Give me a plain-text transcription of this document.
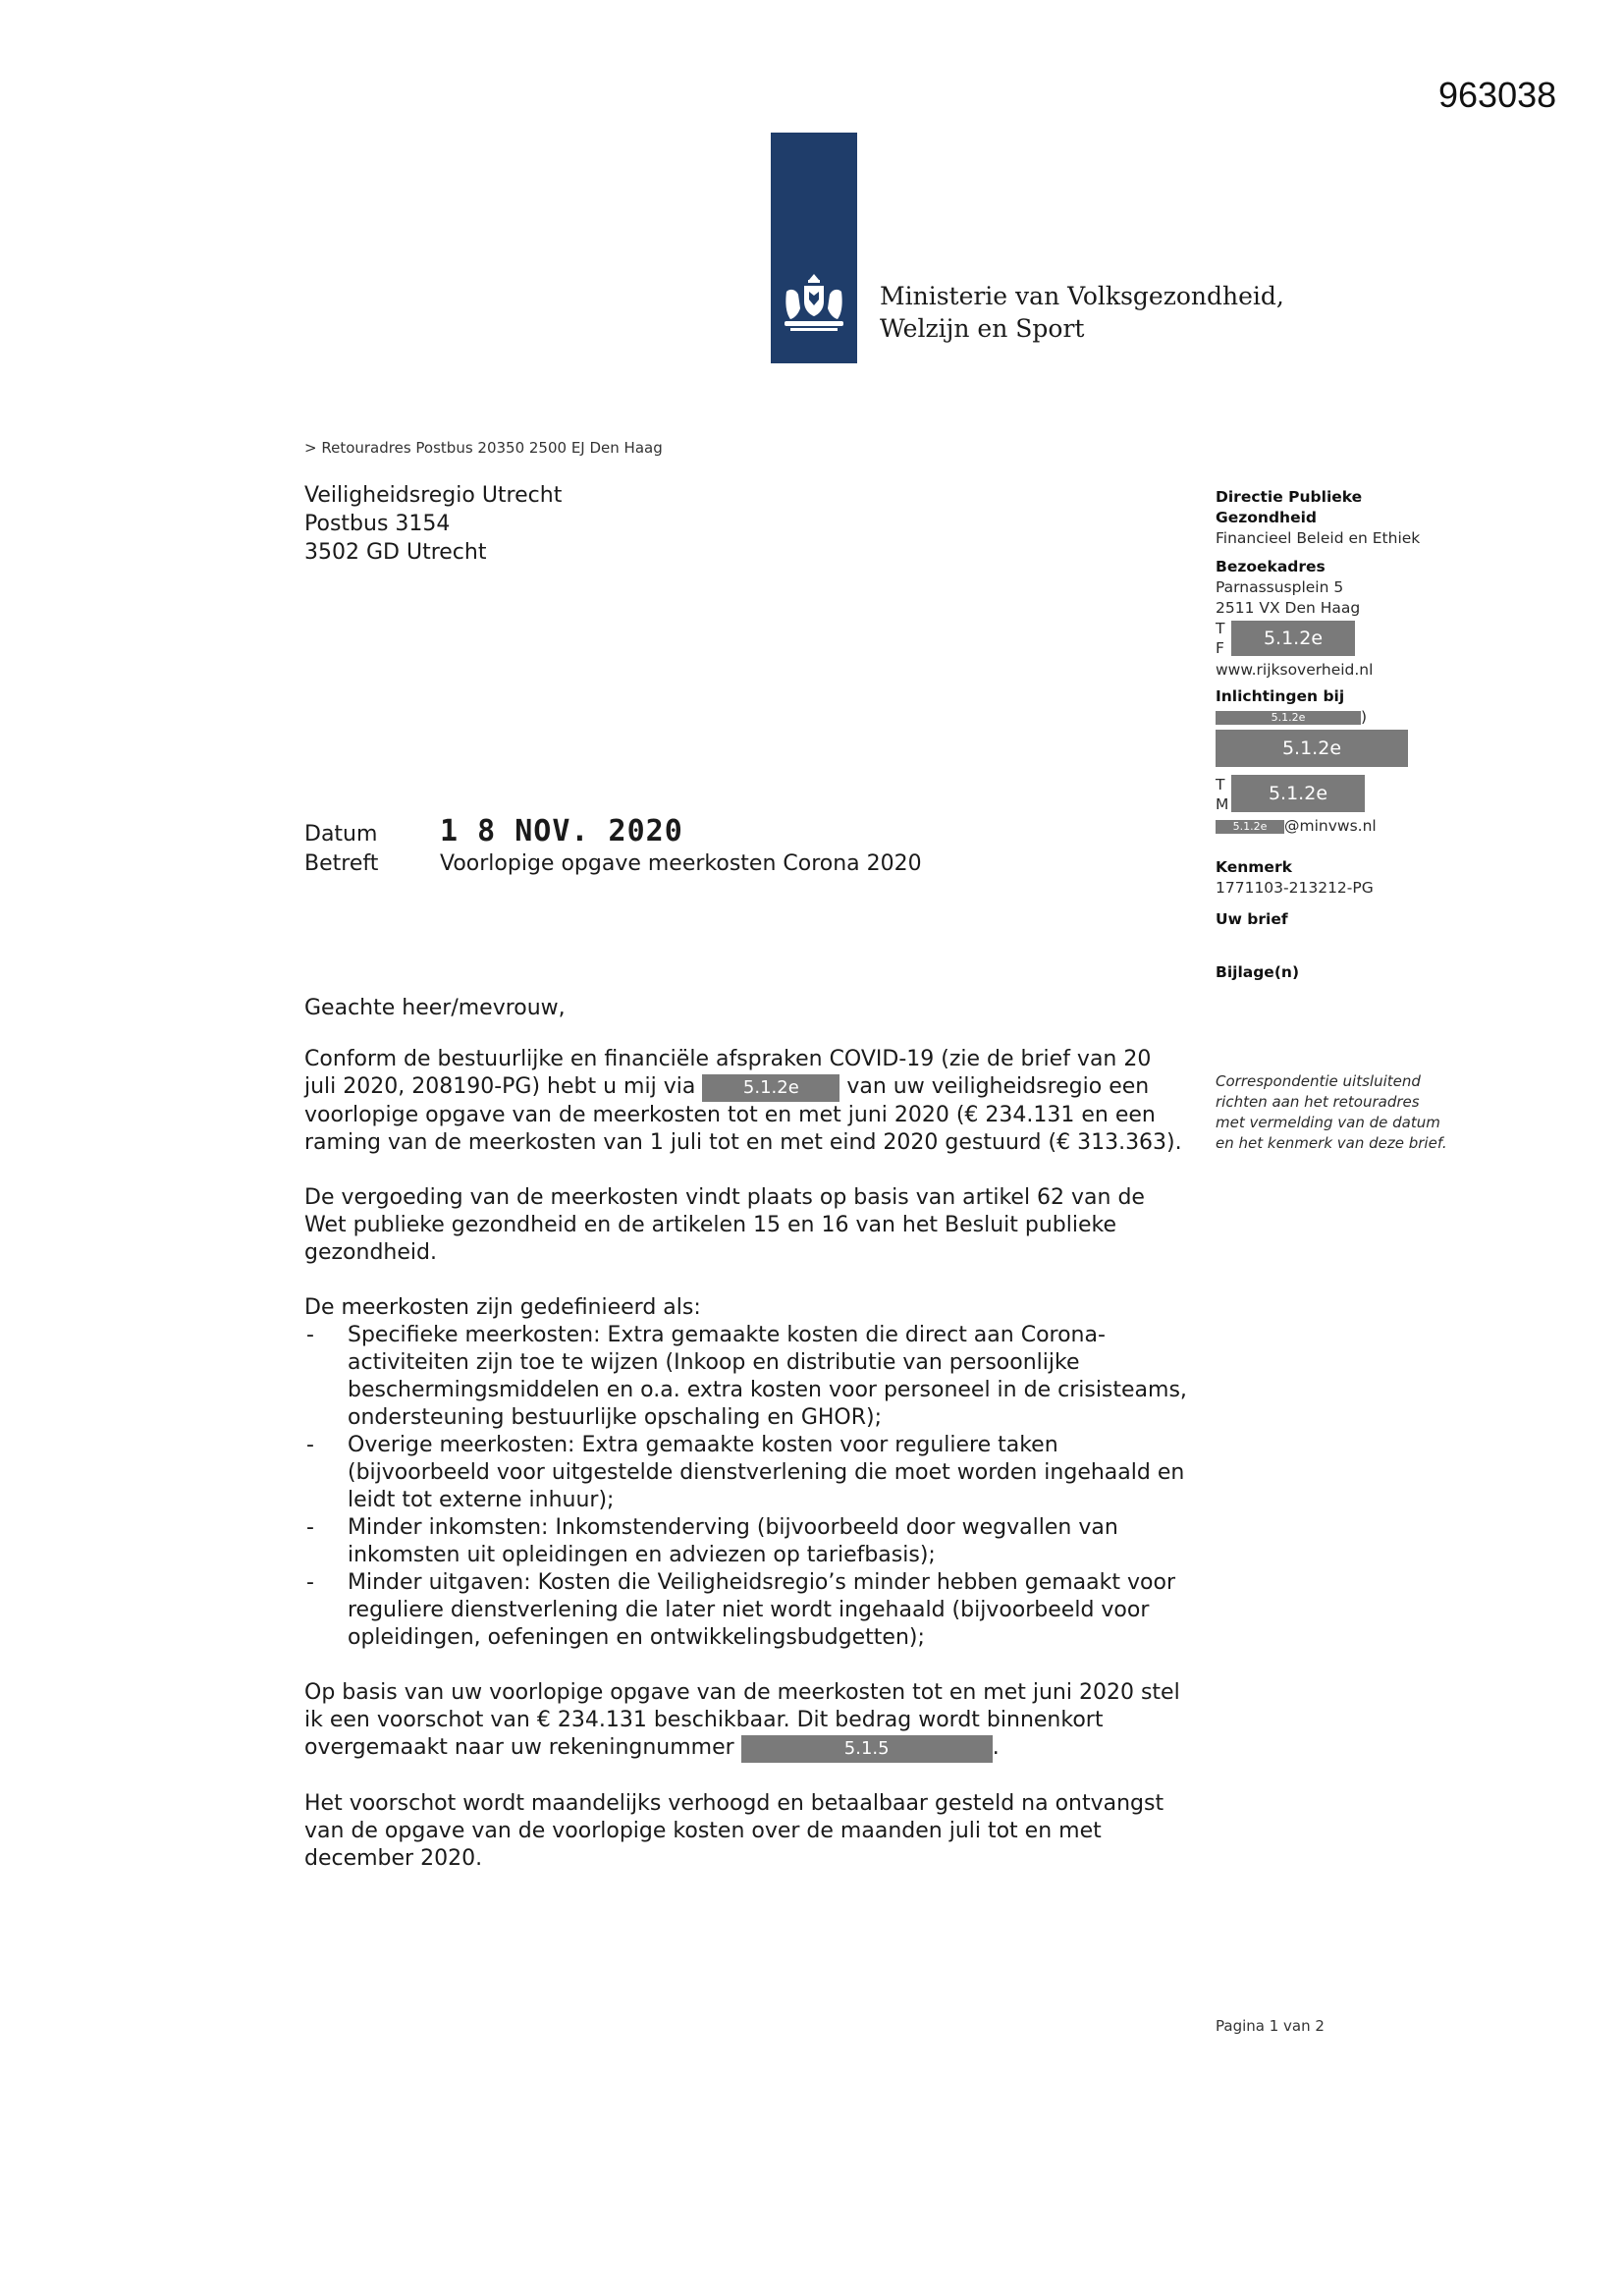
963038
Ministerie van Volksgezondheid,
Welzijn en Sport
> Retouradres Postbus 20350 2500 EJ Den Haag
Veiligheidsregio Utrecht
Postbus 3154
3502 GD Utrecht
Directie Publieke
Gezondheid
Financieel Beleid en Ethiek
Bezoekadres
Parnassusplein 5
2511 VX Den Haag
T
F	5.1.2e
www.rijksoverheid.nl
Inlichtingen bij
5.1.2e	)
5.1.2e
T
M	5.1.2e
5.1.2e @minvws.nl
Kenmerk
1771103-213212-PG
Uw brief
Bijlage(n)
Correspondentie uitsluitend richten aan het retouradres met vermelding van de datum en het kenmerk van deze brief.
Datum 1 8 NOV. 2020
Betreft	Voorlopige opgave meerkosten Corona 2020

Geachte heer/mevrouw,

Conform de bestuurlijke en financiële afspraken COVID-19 (zie de brief van 20 juli 2020, 208190-PG) hebt u mij via 5.1.2e van uw veiligheidsregio een voorlopige opgave van de meerkosten tot en met juni 2020 (€ 234.131 en een raming van de meerkosten van 1 juli tot en met eind 2020 gestuurd (€ 313.363).

De vergoeding van de meerkosten vindt plaats op basis van artikel 62 van de Wet publieke gezondheid en de artikelen 15 en 16 van het Besluit publieke gezondheid.

De meerkosten zijn gedefinieerd als:
- Specifieke meerkosten: Extra gemaakte kosten die direct aan Corona-activiteiten zijn toe te wijzen (Inkoop en distributie van persoonlijke beschermingsmiddelen en o.a. extra kosten voor personeel in de crisisteams, ondersteuning bestuurlijke opschaling en GHOR);
- Overige meerkosten: Extra gemaakte kosten voor reguliere taken (bijvoorbeeld voor uitgestelde dienstverlening die moet worden ingehaald en leidt tot externe inhuur);
- Minder inkomsten: Inkomstenderving (bijvoorbeeld door wegvallen van inkomsten uit opleidingen en adviezen op tariefbasis);
- Minder uitgaven: Kosten die Veiligheidsregio’s minder hebben gemaakt voor reguliere dienstverlening die later niet wordt ingehaald (bijvoorbeeld voor opleidingen, oefeningen en ontwikkelingsbudgetten);

Op basis van uw voorlopige opgave van de meerkosten tot en met juni 2020 stel ik een voorschot van € 234.131 beschikbaar. Dit bedrag wordt binnenkort overgemaakt naar uw rekeningnummer	5.1.5	.

Het voorschot wordt maandelijks verhoogd en betaalbaar gesteld na ontvangst van de opgave van de voorlopige kosten over de maanden juli tot en met december 2020.

Pagina 1 van 2
